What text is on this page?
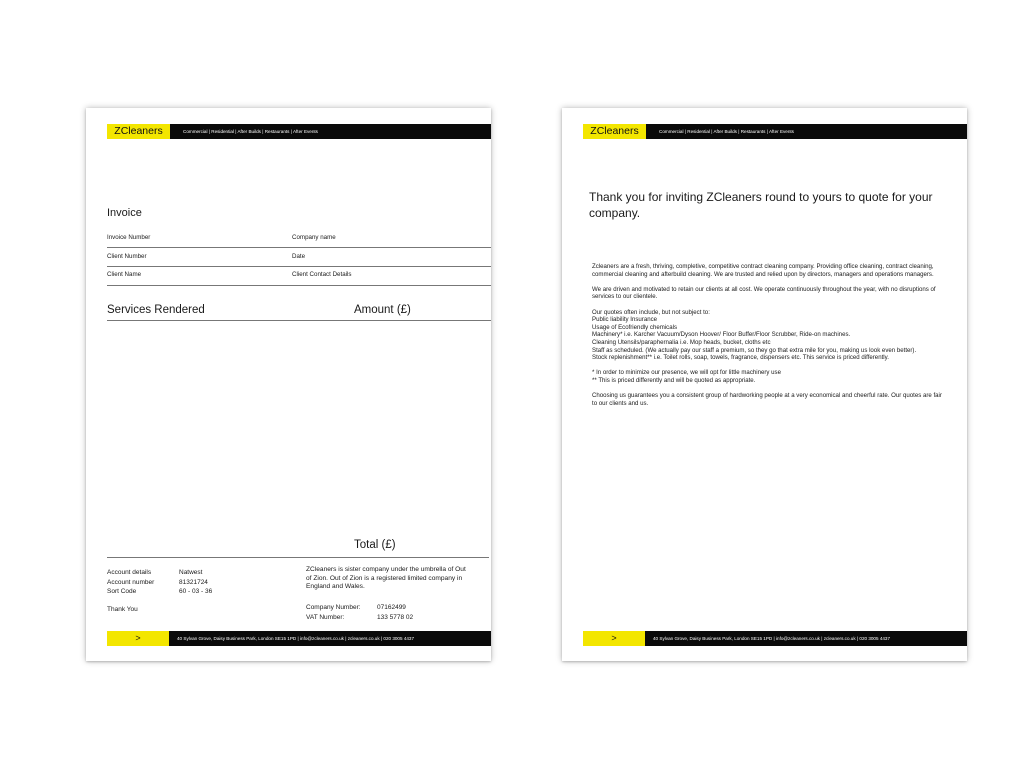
ZCleaners	Commercial | Residential | After Builds | Restaurants | After Events
Invoice
Invoice Number	Company name
Client Number	Date
Client Name	Client Contact Details
Services Rendered	Amount (£)
Total (£)
Account details	Natwest
Account number	81321724
Sort Code	60 - 03 - 36
Thank You
ZCleaners is sister company under the umbrella of Out of Zion. Out of Zion is a registered limited company in England and Wales.
Company Number:	07162499
VAT Number:	133 5778 02
>	40 Sylvan Grove, Daisy Business Park, London SE15 1PD | info@zcleaners.co.uk | zcleaners.co.uk | 020 3005 4437
ZCleaners	Commercial | Residential | After Builds | Restaurants | After Events
Thank you for inviting ZCleaners round to yours to quote for your company.
Zcleaners are a fresh, thriving, completive, competitive contract cleaning company. Providing office cleaning, contract cleaning, commercial cleaning and afterbuild cleaning. We are trusted and relied upon by directors, managers and operations managers.
We are driven and motivated to retain our clients at all cost. We operate continuously throughout the year, with no disruptions of services to our clientele.
Our quotes often include, but not subject to:
Public liability Insurance
Usage of Ecofriendly chemicals
Machinery* i.e. Karcher Vacuum/Dyson Hoover/ Floor Buffer/Floor Scrubber, Ride-on machines.
Cleaning Utensils/paraphernalia i.e. Mop heads, bucket, cloths etc
Staff as scheduled. (We actually pay our staff a premium, so they go that extra mile for you, making us look even better).
Stock replenishment** i.e. Toilet rolls, soap, towels, fragrance, dispensers etc. This service is priced differently.
* In order to minimize our presence, we will opt for little machinery use
** This is priced differently and will be quoted as appropriate.
Choosing us guarantees you a consistent group of hardworking people at a very economical and cheerful rate. Our quotes are fair to our clients and us.
>	40 Sylvan Grove, Daisy Business Park, London SE15 1PD | info@zcleaners.co.uk | zcleaners.co.uk | 020 3005 4437
